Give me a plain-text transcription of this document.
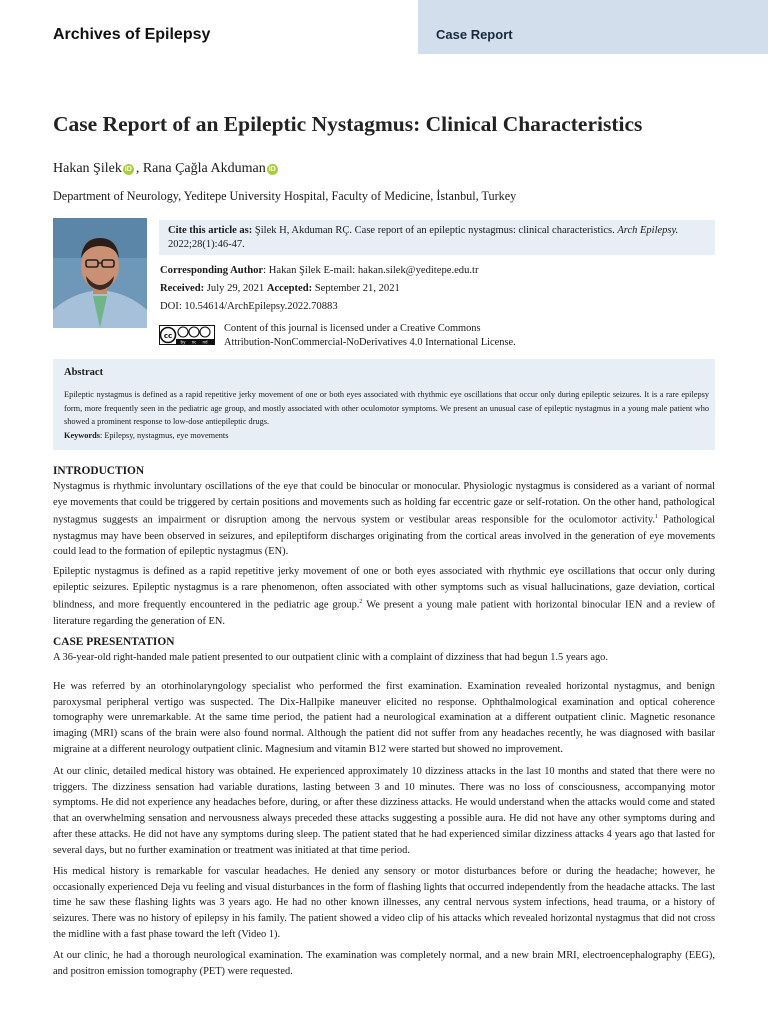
Archives of Epilepsy	Case Report
Case Report of an Epileptic Nystagmus: Clinical Characteristics
Hakan Şilek iD , Rana Çağla Akduman iD
Department of Neurology, Yeditepe University Hospital, Faculty of Medicine, İstanbul, Turkey
Cite this article as: Şilek H, Akduman RÇ. Case report of an epileptic nystagmus: clinical characteristics. Arch Epilepsy. 2022;28(1):46-47.
Corresponding Author: Hakan Şilek E-mail: hakan.silek@yeditepe.edu.tr
Received: July 29, 2021 Accepted: September 21, 2021
DOI: 10.54614/ArchEpilepsy.2022.70883
cc
by nc nd
Content of this journal is licensed under a Creative Commons
Attribution-NonCommercial-NoDerivatives 4.0 International License.
Abstract
Epileptic nystagmus is defined as a rapid repetitive jerky movement of one or both eyes associated with rhythmic eye oscillations that occur only during epileptic seizures. It is a rare epilepsy form, more frequently seen in the pediatric age group, and mostly associated with other oculomotor symptoms. We present an unusual case of epileptic nystagmus in a young male patient who showed a prominent response to low-dose antiepileptic drugs.
Keywords: Epilepsy, nystagmus, eye movements
INTRODUCTION
Nystagmus is rhythmic involuntary oscillations of the eye that could be binocular or monocular. Physiologic nystagmus is considered as a variant of normal eye movements that could be triggered by certain positions and movements such as holding far eccentric gaze or self-rotation. On the other hand, pathological nystagmus suggests an impairment or disruption among the nervous system or vestibular areas responsible for the oculomotor activity.$^1$ Pathological nystagmus may have been observed in seizures, and epileptiform discharges originating from the cortical areas involved in the generation of eye movements could lead to the formation of epileptic nystagmus (EN).
Epileptic nystagmus is defined as a rapid repetitive jerky movement of one or both eyes associated with rhythmic eye oscillations that occur only during epileptic seizures. Epileptic nystagmus is a rare phenomenon, often associated with other symptoms such as visual hallucinations, gaze deviation, cortical blindness, and more frequently encountered in the pediatric age group.$^2$ We present a young male patient with horizontal binocular IEN and a review of literature regarding the generation of EN.
CASE PRESENTATION
A 36-year-old right-handed male patient presented to our outpatient clinic with a complaint of dizziness that had begun 1.5 years ago.
He was referred by an otorhinolaryngology specialist who performed the first examination. Examination revealed horizontal nystagmus, and benign paroxysmal peripheral vertigo was suspected. The Dix-Hallpike maneuver elicited no response. Ophthalmological examination and optical coherence tomography were unremarkable. At the same time period, the patient had a neurological examination at a different outpatient clinic. Magnetic resonance imaging (MRI) scans of the brain were also found normal. Although the patient did not suffer from any headaches recently, he was diagnosed with basilar migraine at a different neurology outpatient clinic. Magnesium and vitamin B12 were started but showed no improvement.
At our clinic, detailed medical history was obtained. He experienced approximately 10 dizziness attacks in the last 10 months and stated that there were no triggers. The dizziness sensation had variable durations, lasting between 3 and 10 minutes. There was no loss of consciousness, accompanying motor symptoms. He did not experience any headaches before, during, or after these dizziness attacks. He would understand when the attacks would come and stated that an overwhelming sensation and nervousness always preceded these attacks suggesting a possible aura. He did not have any other symptoms during and after these attacks. He did not have any symptoms during sleep. The patient stated that he had experienced similar dizziness attacks 4 years ago that lasted for several days, but no further examination or treatment was initiated at that time period.
His medical history is remarkable for vascular headaches. He denied any sensory or motor disturbances before or during the headache; however, he occasionally experienced Deja vu feeling and visual disturbances in the form of flashing lights that occurred independently from the headache attacks. The last time he saw these flashing lights was 3 years ago. He had no other known illnesses, any central nervous system infections, head trauma, or a history of seizures. There was no history of epilepsy in his family. The patient showed a video clip of his attacks which revealed horizontal nystagmus that did not cross the midline with a fast phase toward the left (Video 1).
At our clinic, he had a thorough neurological examination. The examination was completely normal, and a new brain MRI, electroencephalography (EEG), and positron emission tomography (PET) were requested.
